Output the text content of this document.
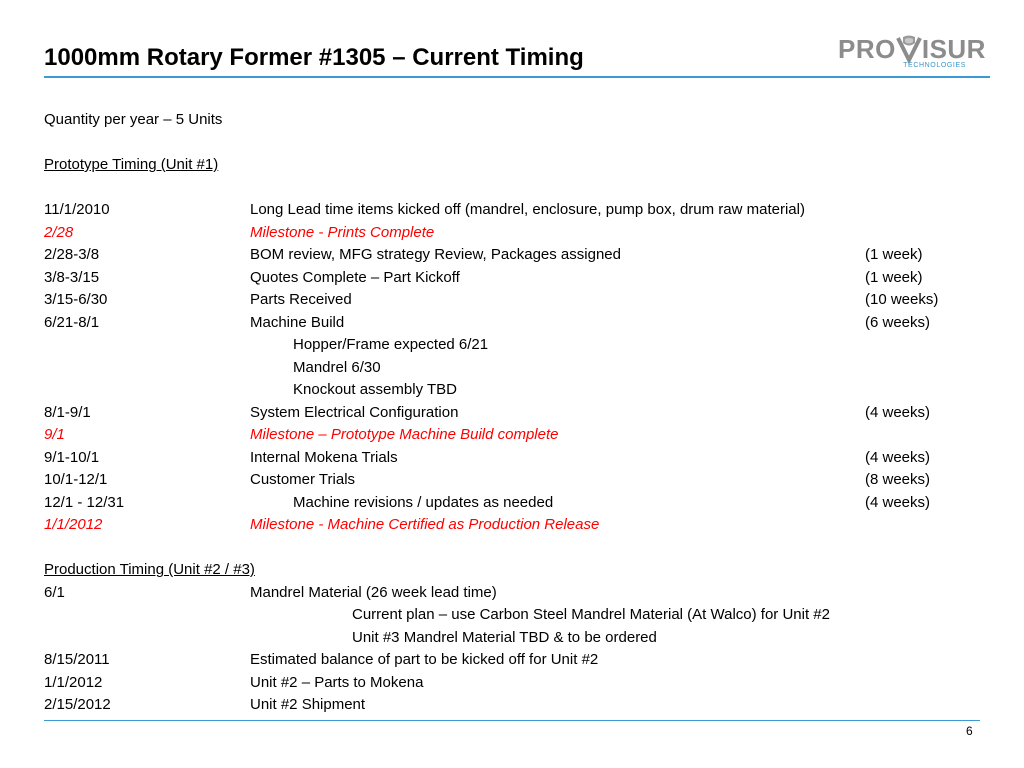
1000mm Rotary Former #1305 – Current Timing	PRO ISUR
TECHNOLOGIES
Quantity per year – 5 Units
Prototype Timing (Unit #1)
11/1/2010	Long Lead time items kicked off (mandrel, enclosure, pump box, drum raw material)
2/28	Milestone - Prints Complete
2/28-3/8	BOM review, MFG strategy Review, Packages assigned	(1 week)
3/8-3/15	Quotes Complete – Part Kickoff	(1 week)
3/15-6/30	Parts Received	(10 weeks)
6/21-8/1	Machine Build	(6 weeks)
Hopper/Frame expected 6/21
Mandrel 6/30
Knockout assembly TBD
8/1-9/1	System Electrical Configuration	(4 weeks)
9/1	Milestone – Prototype Machine Build complete
9/1-10/1	Internal Mokena Trials	(4 weeks)
10/1-12/1	Customer Trials	(8 weeks)
12/1 - 12/31	Machine revisions / updates as needed	(4 weeks)
1/1/2012	Milestone - Machine Certified as Production Release
Production Timing (Unit #2 / #3)
6/1	Mandrel Material (26 week lead time)
Current plan – use Carbon Steel Mandrel Material (At Walco) for Unit #2
Unit #3 Mandrel Material TBD & to be ordered
8/15/2011	Estimated balance of part to be kicked off for Unit #2
1/1/2012	Unit #2 – Parts to Mokena
2/15/2012	Unit #2 Shipment
6
